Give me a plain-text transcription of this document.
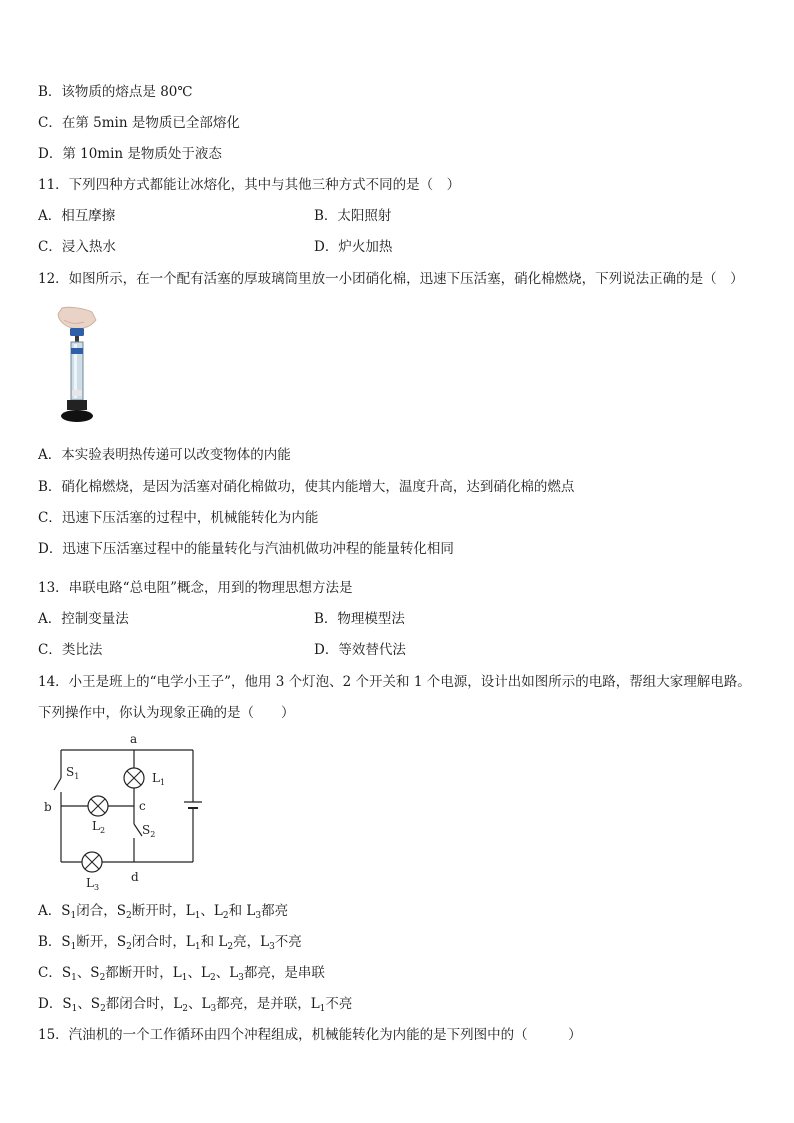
B．该物质的熔点是 80℃
C．在第 5min 是物质已全部熔化
D．第 10min 是物质处于液态
11．下列四种方式都能让冰熔化，其中与其他三种方式不同的是（　）
A．相互摩擦	B．太阳照射
C．浸入热水	D．炉火加热
12．如图所示，在一个配有活塞的厚玻璃筒里放一小团硝化棉，迅速下压活塞，硝化棉燃烧，下列说法正确的是（　）
A．本实验表明热传递可以改变物体的内能
B．硝化棉燃烧，是因为活塞对硝化棉做功，使其内能增大，温度升高，达到硝化棉的燃点
C．迅速下压活塞的过程中，机械能转化为内能
D．迅速下压活塞过程中的能量转化与汽油机做功冲程的能量转化相同
13．串联电路“总电阻”概念，用到的物理思想方法是
A．控制变量法	B．物理模型法
C．类比法	D．等效替代法
14．小王是班上的“电学小王子”，他用 3 个灯泡、2 个开关和 1 个电源，设计出如图所示的电路，帮组大家理解电路。
下列操作中，你认为现象正确的是（　　）
a
b	c
d
$S_1$	$L_1$
$L_2$	$S_2$
$L_3$
A．$S_1$闭合，$S_2$断开时，$L_1$、$L_2$和 $L_3$都亮
B．$S_1$断开，$S_2$闭合时，$L_1$和 $L_2$亮，$L_3$不亮
C．$S_1$、$S_2$都断开时，$L_1$、$L_2$、$L_3$都亮，是串联
D．$S_1$、$S_2$都闭合时，$L_2$、$L_3$都亮，是并联，$L_1$不亮
15．汽油机的一个工作循环由四个冲程组成，机械能转化为内能的是下列图中的（　　　）
